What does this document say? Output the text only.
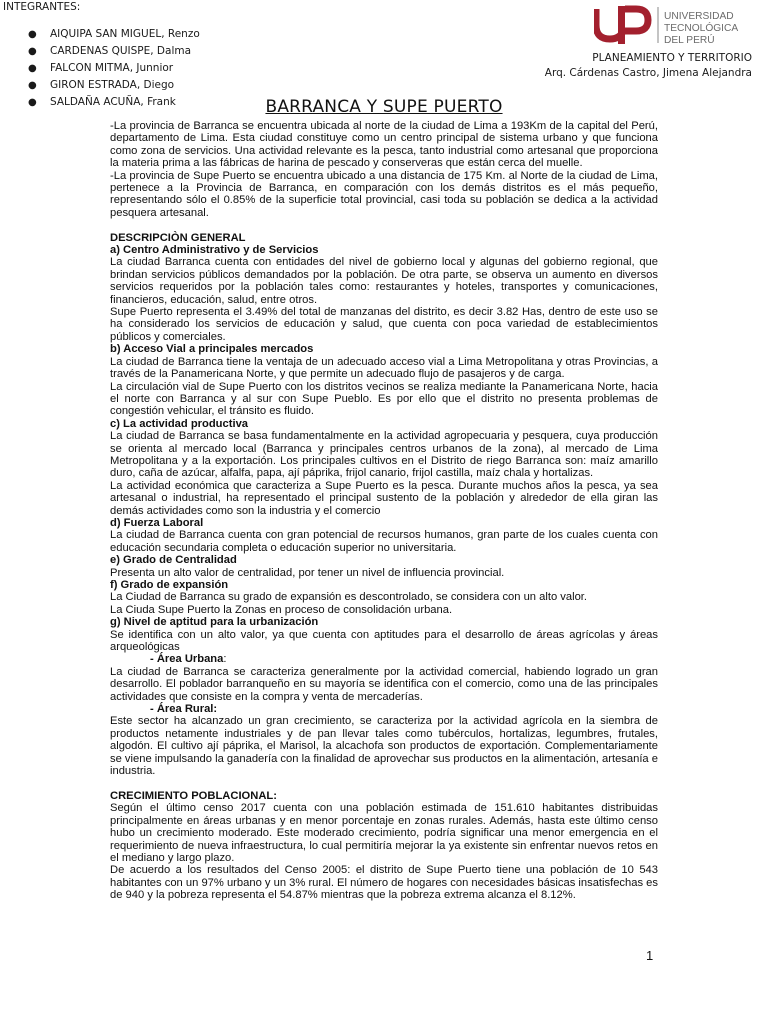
INTEGRANTES:
● AIQUIPA SAN MIGUEL, Renzo
● CARDENAS QUISPE, Dalma
● FALCON MITMA, Junnior
● GIRON ESTRADA, Diego
● SALDAÑA ACUÑA, Frank
UNIVERSIDAD
TECNOLÓGICA
DEL PERÚ
PLANEAMIENTO Y TERRITORIO
Arq. Cárdenas Castro, Jimena Alejandra
BARRANCA Y SUPE PUERTO

-La provincia de Barranca se encuentra ubicada al norte de la ciudad de Lima a 193Km de la capital del Perú, departamento de Lima. Esta ciudad constituye como un centro principal de sistema urbano y que funciona como zona de servicios. Una actividad relevante es la pesca, tanto industrial como artesanal que proporciona la materia prima a las fábricas de harina de pescado y conserveras que están cerca del muelle.

-La provincia de Supe Puerto se encuentra ubicado a una distancia de 175 Km. al Norte de la ciudad de Lima, pertenece a la Provincia de Barranca, en comparación con los demás distritos es el más pequeño, representando sólo el 0.85% de la superficie total provincial, casi toda su población se dedica a la actividad pesquera artesanal.

DESCRIPCIÒN GENERAL

a) Centro Administrativo y de Servicios

La ciudad Barranca cuenta con entidades del nivel de gobierno local y algunas del gobierno regional, que brindan servicios públicos demandados por la población. De otra parte, se observa un aumento en diversos servicios requeridos por la población tales como: restaurantes y hoteles, transportes y comunicaciones, financieros, educación, salud, entre otros.

Supe Puerto representa el 3.49% del total de manzanas del distrito, es decir 3.82 Has, dentro de este uso se ha considerado los servicios de educación y salud, que cuenta con poca variedad de establecimientos públicos y comerciales.

b) Acceso Vial a principales mercados

La ciudad de Barranca tiene la ventaja de un adecuado acceso vial a Lima Metropolitana y otras Provincias, a través de la Panamericana Norte, y que permite un adecuado flujo de pasajeros y de carga.

La circulación vial de Supe Puerto con los distritos vecinos se realiza mediante la Panamericana Norte, hacia el norte con Barranca y al sur con Supe Pueblo. Es por ello que el distrito no presenta problemas de congestión vehicular, el tránsito es fluido.

c) La actividad productiva

La ciudad de Barranca se basa fundamentalmente en la actividad agropecuaria y pesquera, cuya producción se orienta al mercado local (Barranca y principales centros urbanos de la zona), al mercado de Lima Metropolitana y a la exportación. Los principales cultivos en el Distrito de riego Barranca son: maíz amarillo duro, caña de azúcar, alfalfa, papa, ají páprika, frijol canario, frijol castilla, maíz chala y hortalizas.

La actividad económica que caracteriza a Supe Puerto es la pesca. Durante muchos años la pesca, ya sea artesanal o industrial, ha representado el principal sustento de la población y alrededor de ella giran las demás actividades como son la industria y el comercio

d) Fuerza Laboral

La ciudad de Barranca cuenta con gran potencial de recursos humanos, gran parte de los cuales cuenta con educación secundaria completa o educación superior no universitaria.

e) Grado de Centralidad

Presenta un alto valor de centralidad, por tener un nivel de influencia provincial.

f) Grado de expansión

La Ciudad de Barranca su grado de expansión es descontrolado, se considera con un alto valor.

La Ciuda Supe Puerto la Zonas en proceso de consolidación urbana.

g) Nivel de aptitud para la urbanización

Se identifica con un alto valor, ya que cuenta con aptitudes para el desarrollo de áreas agrícolas y áreas arqueológicas

- Área Urbana:

La ciudad de Barranca se caracteriza generalmente por la actividad comercial, habiendo logrado un gran desarrollo. El poblador barranqueño en su mayoría se identifica con el comercio, como una de las principales actividades que consiste en la compra y venta de mercaderías.

- Área Rural:

Este sector ha alcanzado un gran crecimiento, se caracteriza por la actividad agrícola en la siembra de productos netamente industriales y de pan llevar tales como tubérculos, hortalizas, legumbres, frutales, algodón. El cultivo ají páprika, el Marisol, la alcachofa son productos de exportación. Complementariamente se viene impulsando la ganadería con la finalidad de aprovechar sus productos en la alimentación, artesanía e industria.

CRECIMIENTO POBLACIONAL:

Según el último censo 2017 cuenta con una población estimada de 151.610 habitantes distribuidas principalmente en áreas urbanas y en menor porcentaje en zonas rurales. Además, hasta este último censo hubo un crecimiento moderado. Este moderado crecimiento, podría significar una menor emergencia en el requerimiento de nueva infraestructura, lo cual permitiría mejorar la ya existente sin enfrentar nuevos retos en el mediano y largo plazo.

De acuerdo a los resultados del Censo 2005: el distrito de Supe Puerto tiene una población de 10 543 habitantes con un 97% urbano y un 3% rural. El número de hogares con necesidades básicas insatisfechas es de 940 y la pobreza representa el 54.87% mientras que la pobreza extrema alcanza el 8.12%.

1
